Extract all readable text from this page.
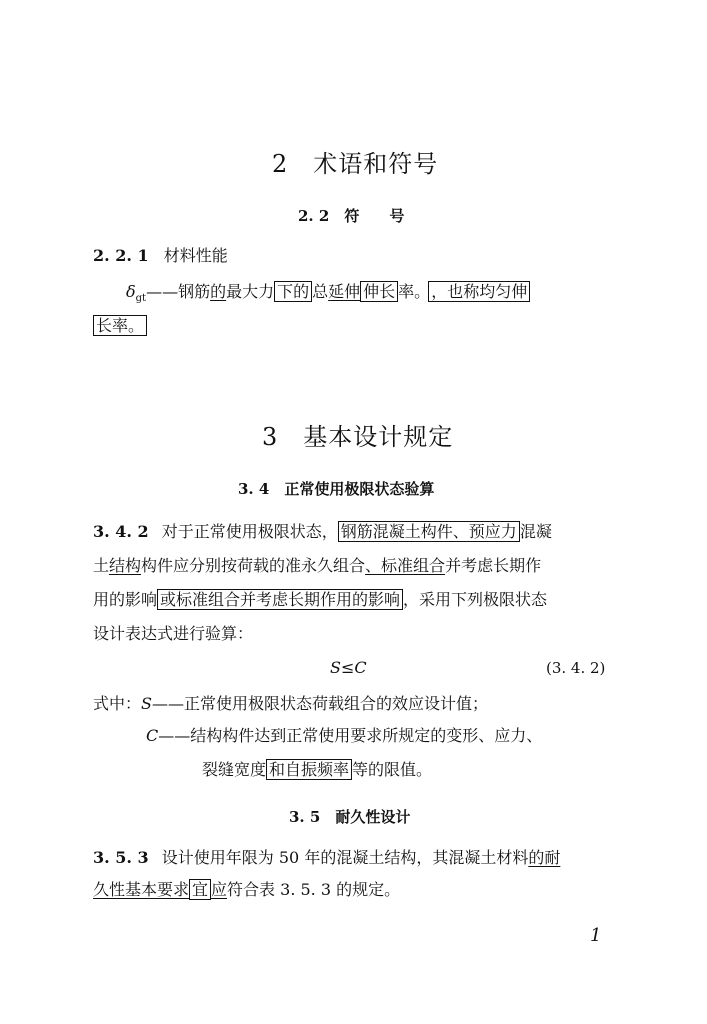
2　术语和符号
2. 2　符　　号
2. 2. 1 材料性能
$\delta_{gt}——$钢筋的最大力 下的 总延伸 伸长 率。 ，也称均匀伸
长率。
3　基本设计规定
3. 4　正常使用极限状态验算
3. 4. 2 对于正常使用极限状态， 钢筋混凝土构件、预应力 混凝
土结构构件应分别按荷载的准永久组合、标准组合并考虑长期作
用的影响 或标准组合并考虑长期作用的影响 ，采用下列极限状态
设计表达式进行验算：
S≤C	(3. 4. 2)
式中：S——正常使用极限状态荷载组合的效应设计值；
C——结构构件达到正常使用要求所规定的变形、应力、
裂缝宽度 和自振频率 等的限值。
3. 5　耐久性设计
3. 5. 3 设计使用年限为 50 年的混凝土结构，其混凝土材料的耐
久性基本要求 宜 应符合表 3. 5. 3 的规定。
1
